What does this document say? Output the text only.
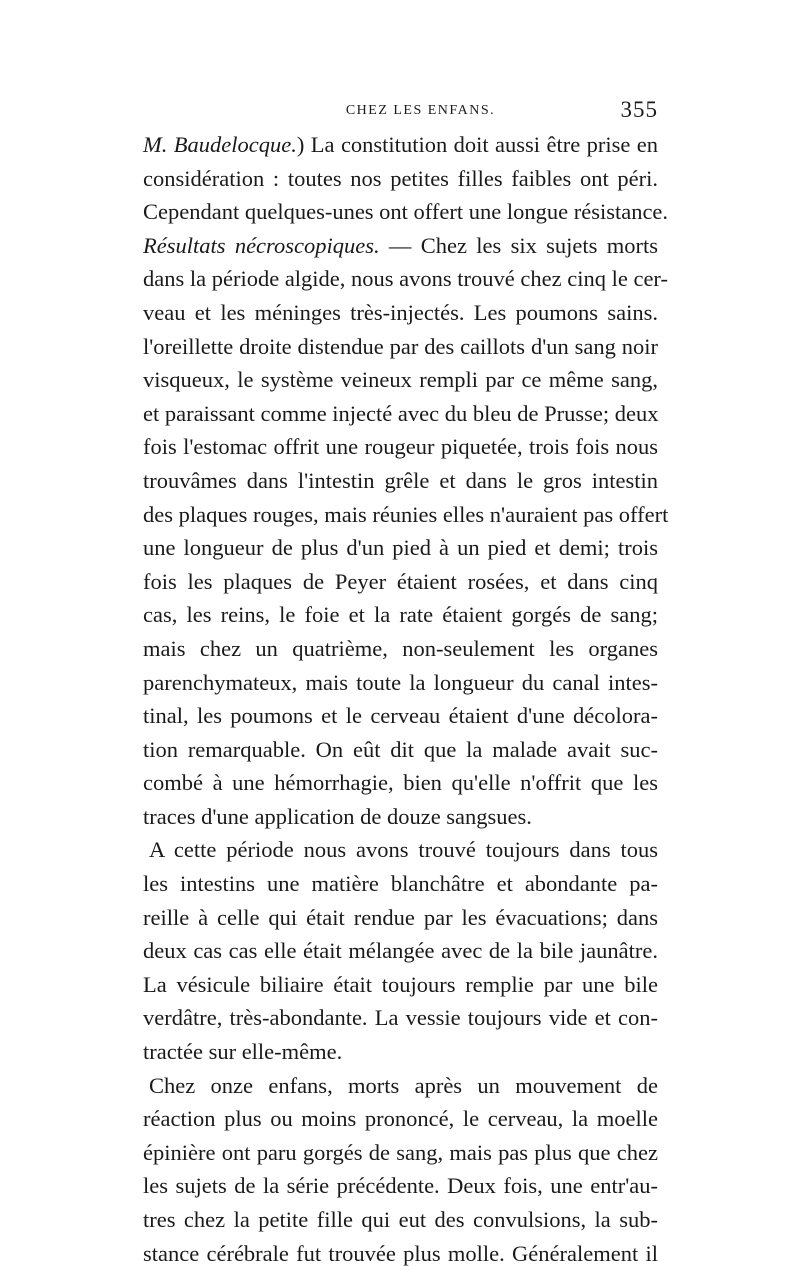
CHEZ LES ENFANS.	355
M. Baudelocque.) La constitution doit aussi être prise en
considération : toutes nos petites filles faibles ont péri.
Cependant quelques-unes ont offert une longue résistance.
Résultats nécroscopiques. — Chez les six sujets morts
dans la période algide, nous avons trouvé chez cinq le cer-
veau et les méninges très-injectés. Les poumons sains.
l'oreillette droite distendue par des caillots d'un sang noir
visqueux, le système veineux rempli par ce même sang,
et paraissant comme injecté avec du bleu de Prusse; deux
fois l'estomac offrit une rougeur piquetée, trois fois nous
trouvâmes dans l'intestin grêle et dans le gros intestin
des plaques rouges, mais réunies elles n'auraient pas offert
une longueur de plus d'un pied à un pied et demi; trois
fois les plaques de Peyer étaient rosées, et dans cinq
cas, les reins, le foie et la rate étaient gorgés de sang;
mais chez un quatrième, non-seulement les organes
parenchymateux, mais toute la longueur du canal intes-
tinal, les poumons et le cerveau étaient d'une décolora-
tion remarquable. On eût dit que la malade avait suc-
combé à une hémorrhagie, bien qu'elle n'offrit que les
traces d'une application de douze sangsues.
A cette période nous avons trouvé toujours dans tous
les intestins une matière blanchâtre et abondante pa-
reille à celle qui était rendue par les évacuations; dans
deux cas cas elle était mélangée avec de la bile jaunâtre.
La vésicule biliaire était toujours remplie par une bile
verdâtre, très-abondante. La vessie toujours vide et con-
tractée sur elle-même.
Chez onze enfans, morts après un mouvement de
réaction plus ou moins prononcé, le cerveau, la moelle
épinière ont paru gorgés de sang, mais pas plus que chez
les sujets de la série précédente. Deux fois, une entr'au-
tres chez la petite fille qui eut des convulsions, la sub-
stance cérébrale fut trouvée plus molle. Généralement il
